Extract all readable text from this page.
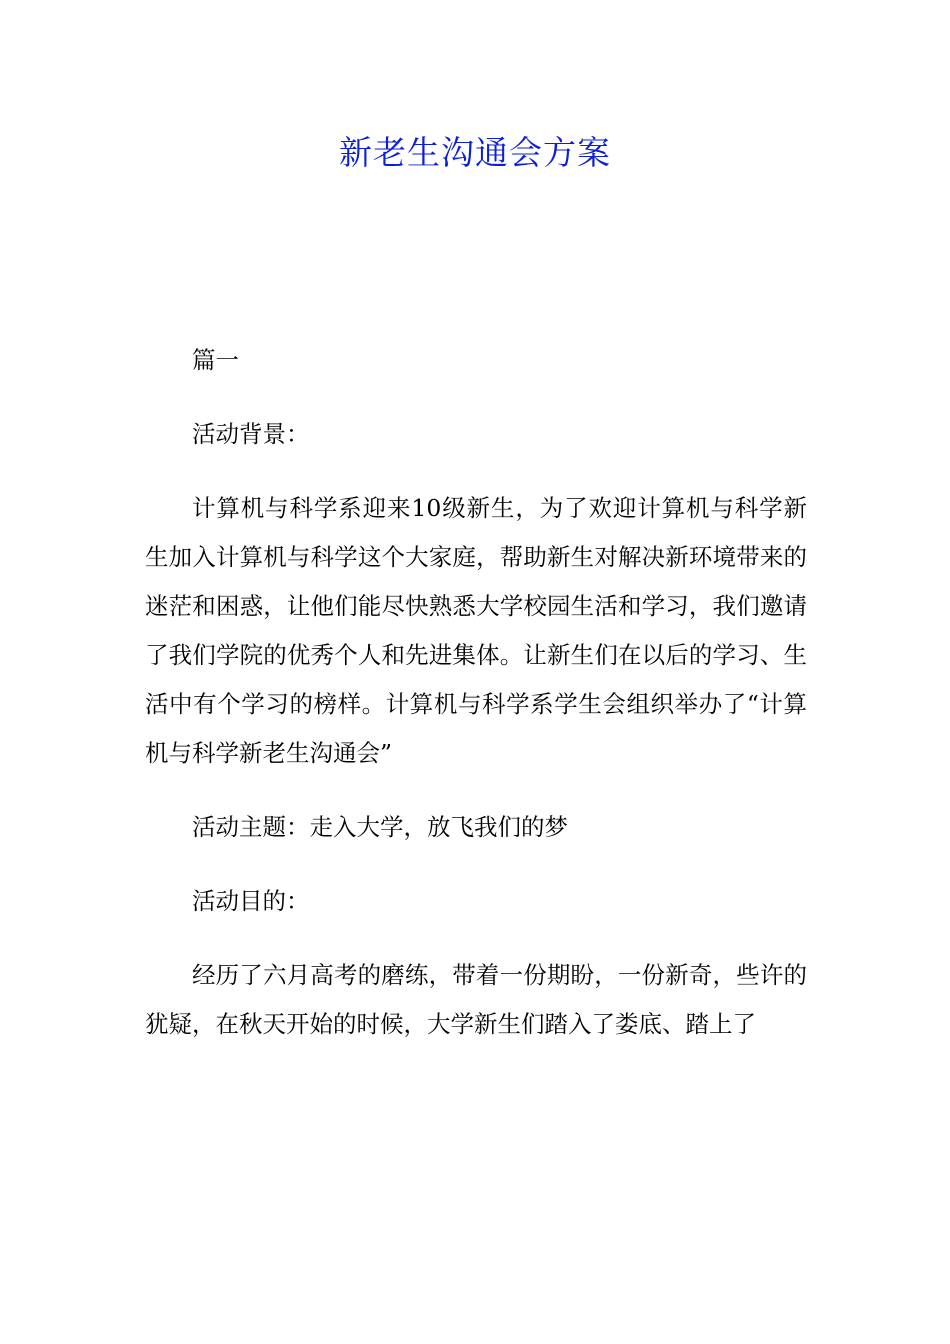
新老生沟通会方案

篇一

活动背景：

计算机与科学系迎来10级新生，为了欢迎计算机与科学新生加入计算机与科学这个大家庭，帮助新生对解决新环境带来的迷茫和困惑，让他们能尽快熟悉大学校园生活和学习，我们邀请了我们学院的优秀个人和先进集体。让新生们在以后的学习、生活中有个学习的榜样。计算机与科学系学生会组织举办了“计算机与科学新老生沟通会”

活动主题：走入大学，放飞我们的梦

活动目的：

经历了六月高考的磨练，带着一份期盼，一份新奇，些许的犹疑，在秋天开始的时候，大学新生们踏入了娄底、踏上了
